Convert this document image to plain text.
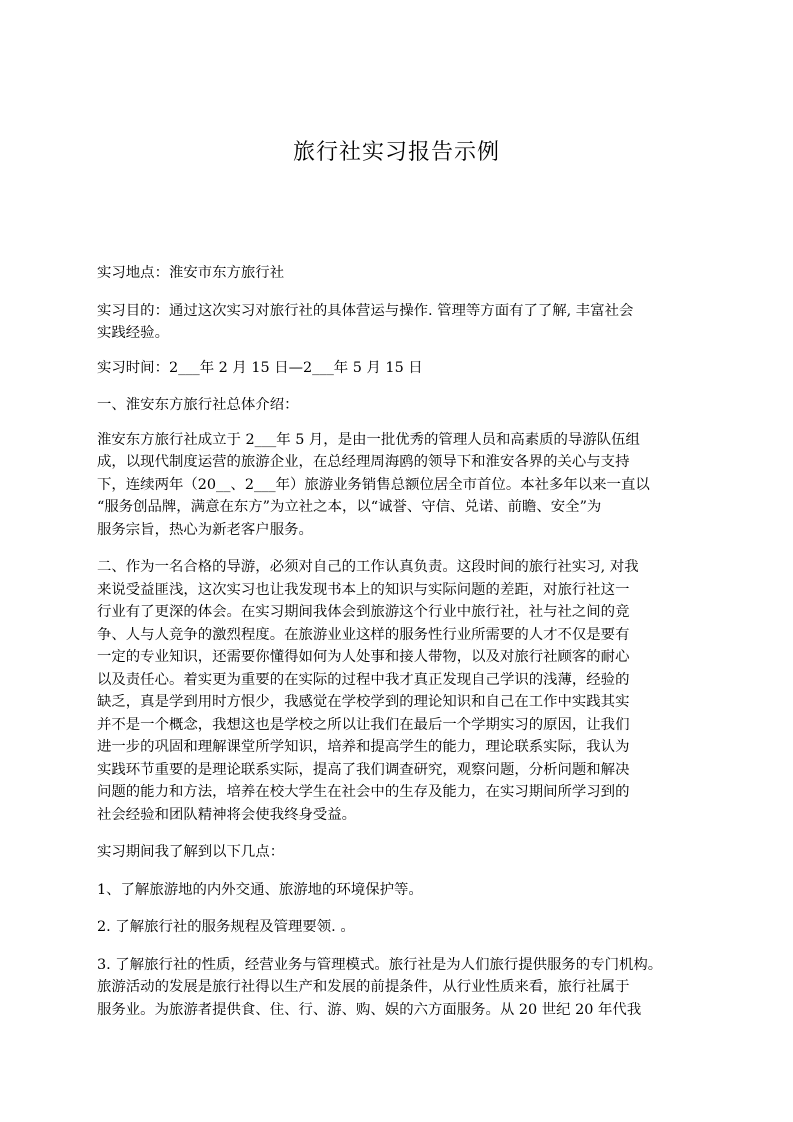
旅行社实习报告示例

实习地点：淮安市东方旅行社

实习目的：通过这次实习对旅行社的具体营运与操作. 管理等方面有了了解, 丰富社会
实践经验。

实习时间：2___年 2 月 15 日—2___年 5 月 15 日

一、淮安东方旅行社总体介绍：

淮安东方旅行社成立于 2___年 5 月，是由一批优秀的管理人员和高素质的导游队伍组
成，以现代制度运营的旅游企业，在总经理周海鸥的领导下和淮安各界的关心与支持
下，连续两年（20__、2___年）旅游业务销售总额位居全市首位。本社多年以来一直以
“服务创品牌，满意在东方”为立社之本，以“诚誉、守信、兑诺、前瞻、安全”为
服务宗旨，热心为新老客户服务。

二、作为一名合格的导游，必须对自己的工作认真负责。这段时间的旅行社实习, 对我
来说受益匪浅，这次实习也让我发现书本上的知识与实际问题的差距，对旅行社这一
行业有了更深的体会。在实习期间我体会到旅游这个行业中旅行社，社与社之间的竞
争、人与人竞争的激烈程度。在旅游业业这样的服务性行业所需要的人才不仅是要有
一定的专业知识，还需要你懂得如何为人处事和接人带物，以及对旅行社顾客的耐心
以及责任心。着实更为重要的在实际的过程中我才真正发现自己学识的浅薄，经验的
缺乏，真是学到用时方恨少，我感觉在学校学到的理论知识和自己在工作中实践其实
并不是一个概念，我想这也是学校之所以让我们在最后一个学期实习的原因，让我们
进一步的巩固和理解课堂所学知识，培养和提高学生的能力，理论联系实际，我认为
实践环节重要的是理论联系实际，提高了我们调查研究，观察问题，分析问题和解决
问题的能力和方法，培养在校大学生在社会中的生存及能力，在实习期间所学习到的
社会经验和团队精神将会使我终身受益。

实习期间我了解到以下几点：

1、了解旅游地的内外交通、旅游地的环境保护等。

2. 了解旅行社的服务规程及管理要领. 。

3. 了解旅行社的性质，经营业务与管理模式。旅行社是为人们旅行提供服务的专门机构。
旅游活动的发展是旅行社得以生产和发展的前提条件，从行业性质来看，旅行社属于
服务业。为旅游者提供食、住、行、游、购、娱的六方面服务。从 20 世纪 20 年代我
